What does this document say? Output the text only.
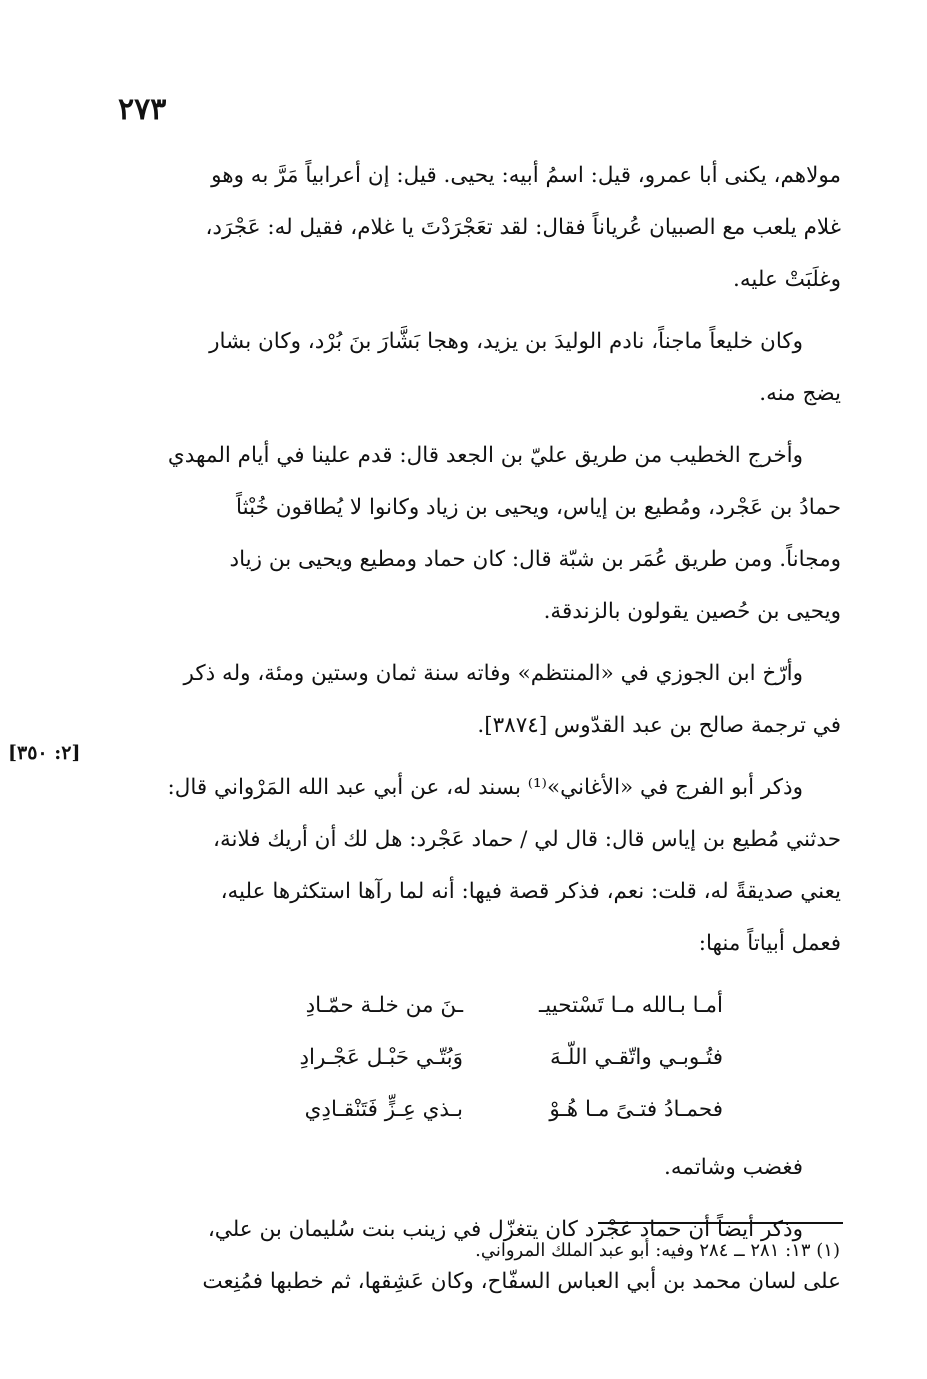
٢٧٣
[٢: ٣٥٠]

مولاهم، يكنى أبا عمرو، قيل: اسمُ أبيه: يحيى. قيل: إن أعرابياً مَرَّ به وهو
غلام يلعب مع الصبيان عُرياناً فقال: لقد تعَجْرَدْتَ يا غلام، فقيل له: عَجْرَد،
وغلَبَتْ عليه.

وكان خليعاً ماجناً، نادم الوليدَ بن يزيد، وهجا بَشَّارَ بنَ بُرْد، وكان بشار
يضج منه.

وأخرج الخطيب من طريق عليّ بن الجعد قال: قدم علينا في أيام المهدي
حمادُ بن عَجْرد، ومُطيع بن إياس، ويحيى بن زياد وكانوا لا يُطاقون خُبْثاً
ومجاناً. ومن طريق عُمَر بن شبّة قال: كان حماد ومطيع ويحيى بن زياد
ويحيى بن حُصين يقولون بالزندقة.

وأرّخ ابن الجوزي في «المنتظم» وفاته سنة ثمان وستين ومئة، وله ذكر
في ترجمة صالح بن عبد القدّوس [٣٨٧٤].

وذكر أبو الفرج في «الأغاني»⁽¹⁾ بسند له، عن أبي عبد الله المَرْواني قال:
حدثني مُطيع بن إياس قال: قال لي / حماد عَجْرد: هل لك أن أريك فلانة،
يعني صديقةً له، قلت: نعم، فذكر قصة فيها: أنه لما رآها استكثرها عليه،
فعمل أبياتاً منها:

أمـا بـالله مـا تَسْتحييـ
ـنَ من خلـة حمّـادِ
فتُـوبـي واتّقـي اللّـهَ
وَبُتّـي حَبْـل عَجْـرادِ
فحمـادُ فتـىً مـا هُـوْ
بـذي عِـزٍّ فَتَنْقـادِي

فغضب وشاتمه.

وذكر أيضاً أن حماد عَجْرد كان يتغزّل في زينب بنت سُليمان بن علي،
على لسان محمد بن أبي العباس السفّاح، وكان عَشِقها، ثم خطبها فمُنِعت

(١) ١٣: ٢٨١ ــ ٢٨٤ وفيه: أبو عبد الملك المرواني.
